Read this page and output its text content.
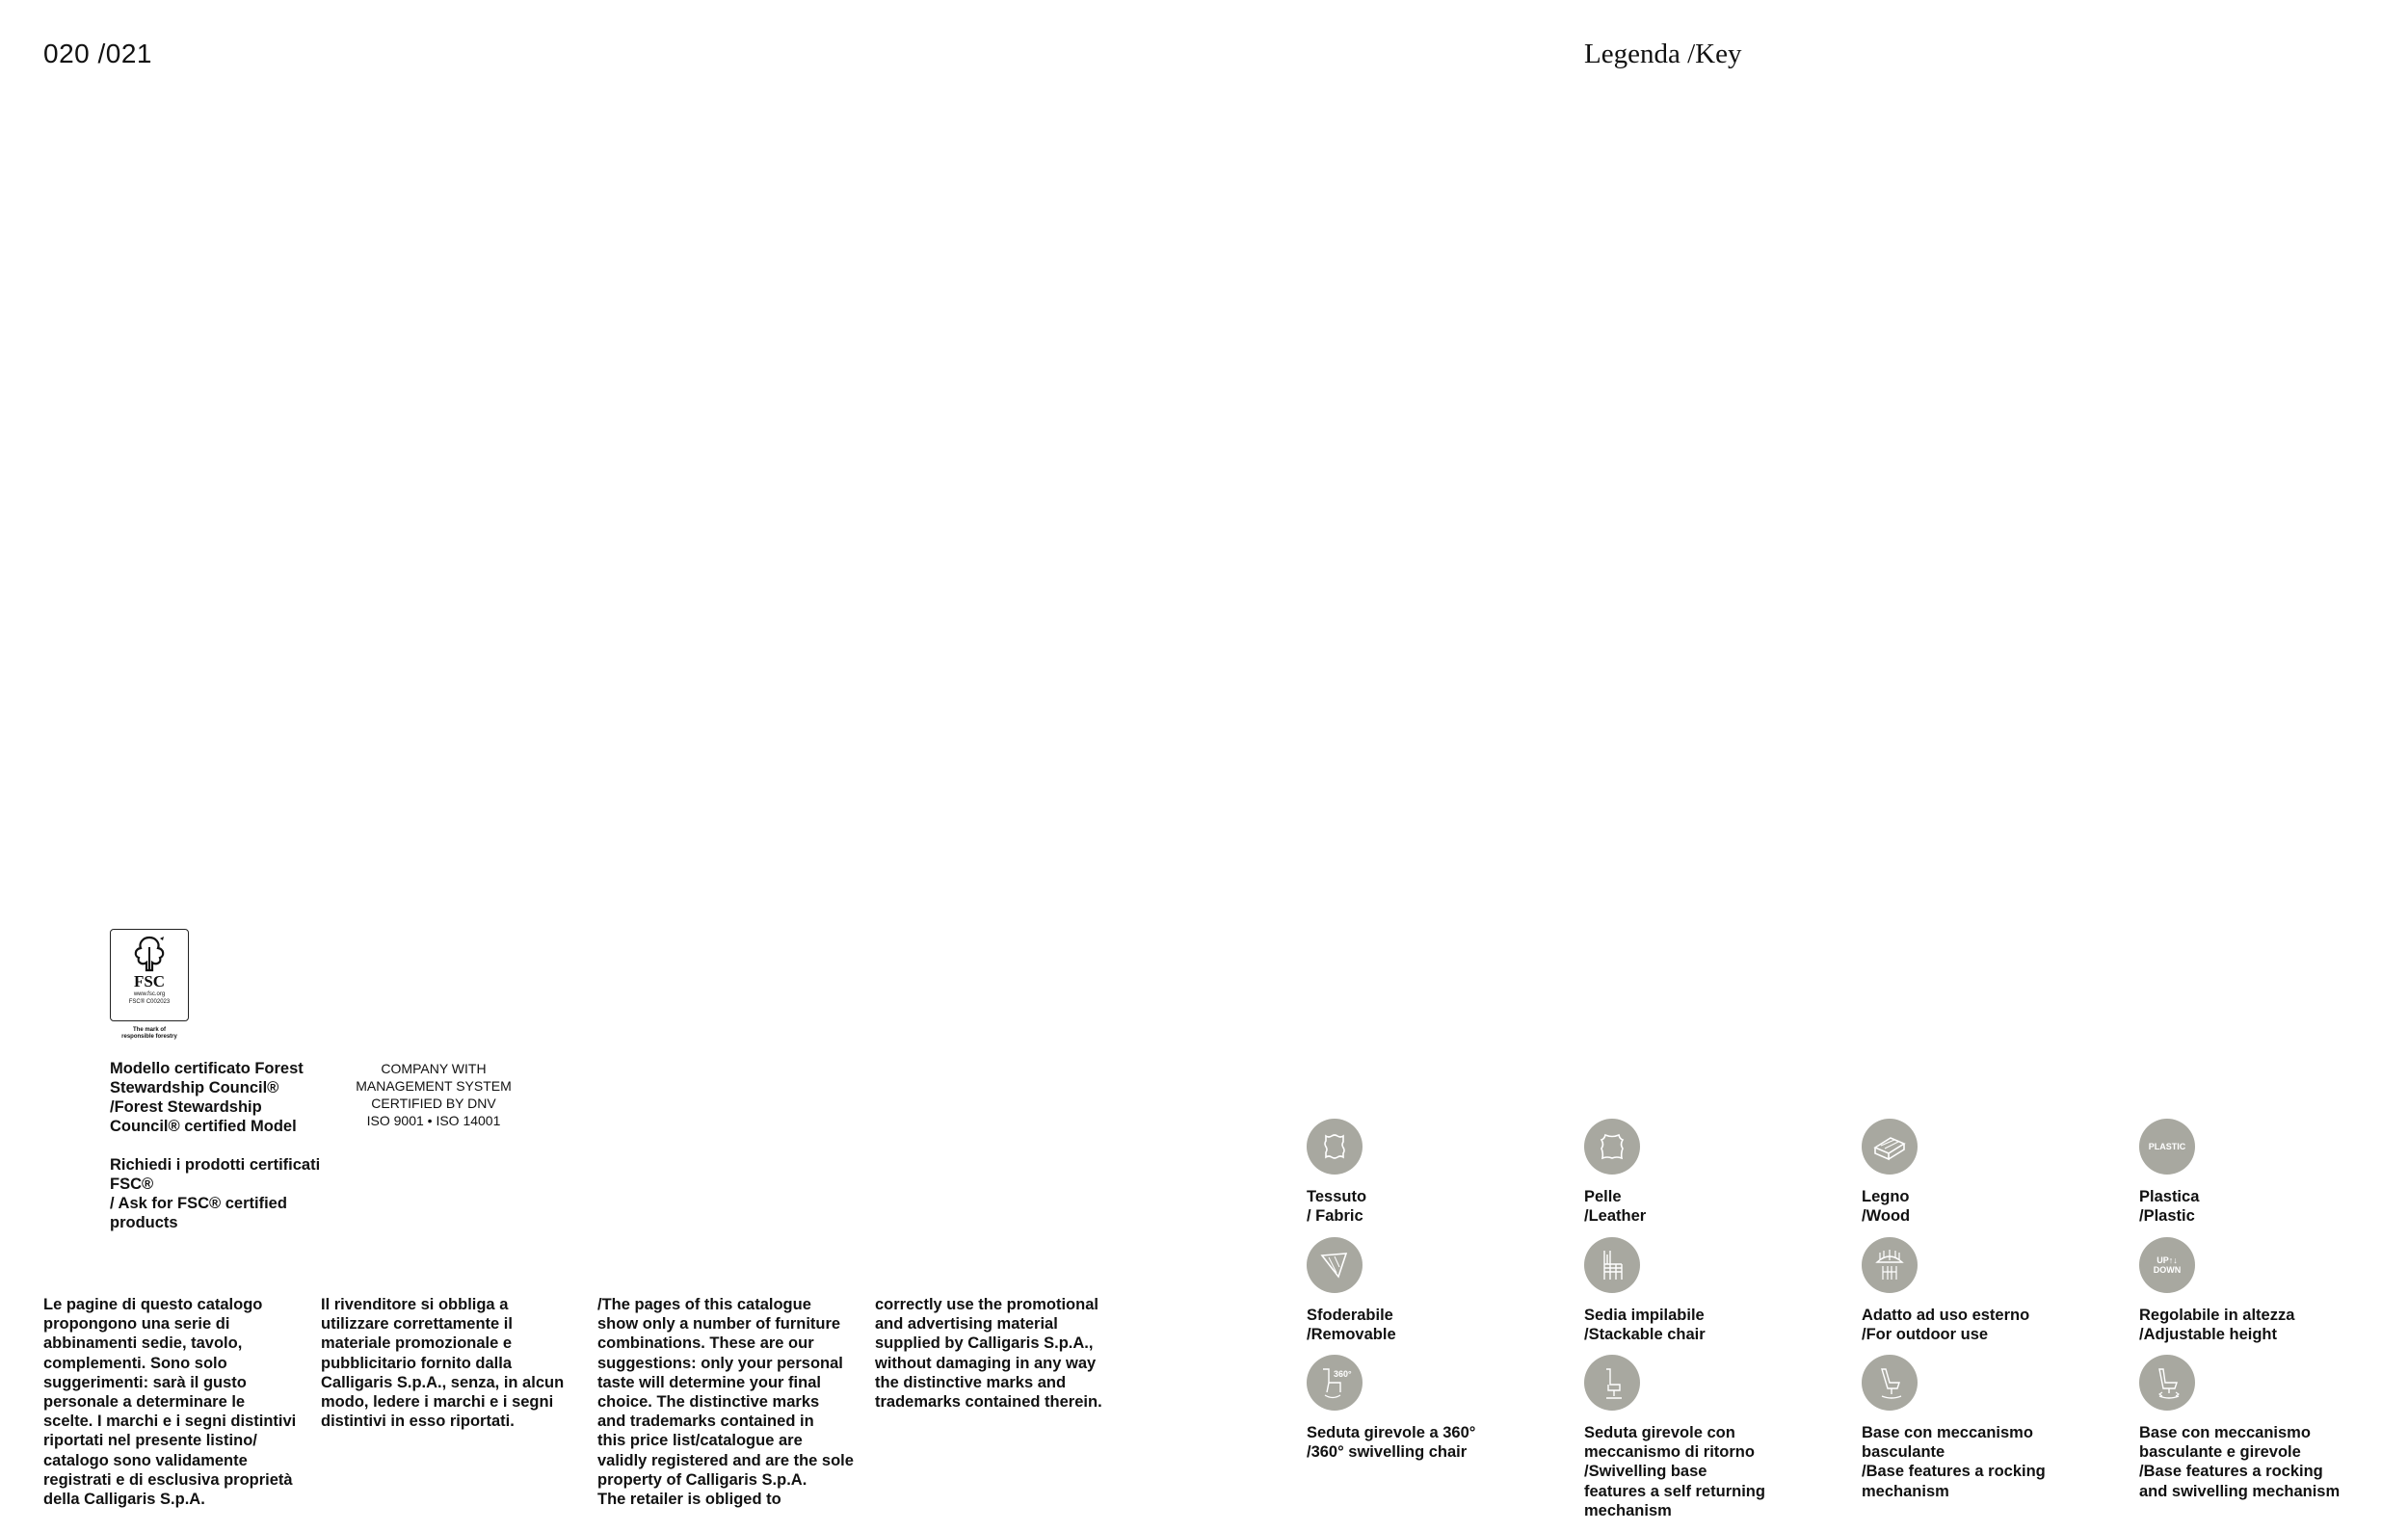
020 /021	Legenda /Key
FSC
www.fsc.org
FSC® C002023
The mark of
responsible forestry
Modello certificato Forest
Stewardship Council®
/Forest Stewardship
Council® certified Model
Richiedi i prodotti certificati
FSC®
/ Ask for FSC® certified
products
COMPANY WITH
MANAGEMENT SYSTEM
CERTIFIED BY DNV
ISO 9001 • ISO 14001
Le pagine di questo catalogo
propongono una serie di
abbinamenti sedie, tavolo,
complementi. Sono solo
suggerimenti: sarà il gusto
personale a determinare le
scelte. I marchi e i segni distintivi
riportati nel presente listino/
catalogo sono validamente
registrati e di esclusiva proprietà
della Calligaris S.p.A.
Il rivenditore si obbliga a
utilizzare correttamente il
materiale promozionale e
pubblicitario fornito dalla
Calligaris S.p.A., senza, in alcun
modo, ledere i marchi e i segni
distintivi in esso riportati.
/The pages of this catalogue
show only a number of furniture
combinations. These are our
suggestions: only your personal
taste will determine your final
choice. The distinctive marks
and trademarks contained in
this price list/catalogue are
validly registered and are the sole
property of Calligaris S.p.A.
The retailer is obliged to
correctly use the promotional
and advertising material
supplied by Calligaris S.p.A.,
without damaging in any way
the distinctive marks and
trademarks contained therein.
Tessuto
/ Fabric
Pelle
/Leather
Legno
/Wood
PLASTIC
Plastica
/Plastic
Sfoderabile
/Removable
Sedia impilabile
/Stackable chair
Adatto ad uso esterno
/For outdoor use
UP↑↓
DOWN
Regolabile in altezza
/Adjustable height
360°
Seduta girevole a 360°
/360° swivelling chair
Seduta girevole con
meccanismo di ritorno
/Swivelling base
features a self returning
mechanism
Base con meccanismo
basculante
/Base features a rocking
mechanism
Base con meccanismo
basculante e girevole
/Base features a rocking
and swivelling mechanism
